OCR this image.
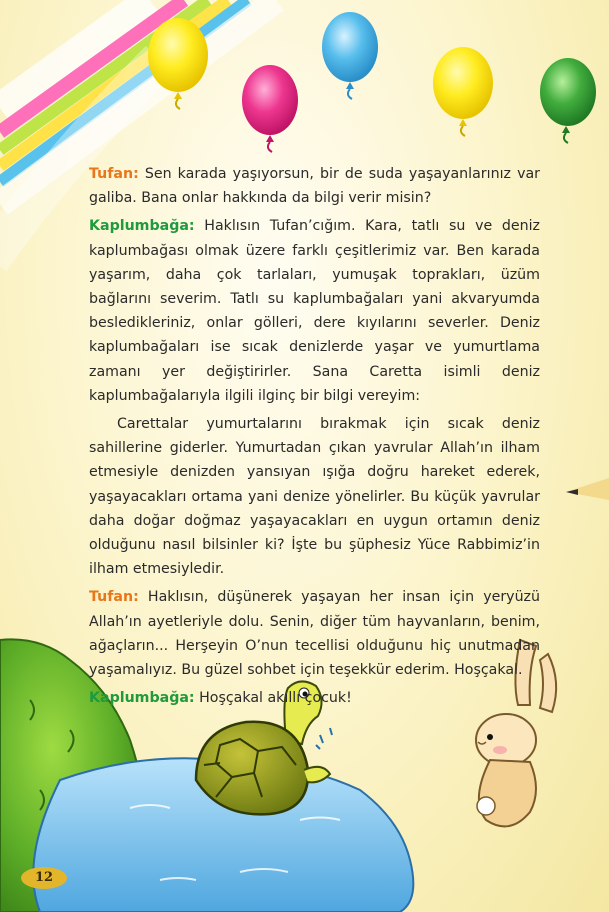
Tufan: Sen karada yaşıyorsun, bir de suda yaşayanlarınız var galiba. Bana onlar hakkında da bilgi verir misin?

Kaplumbağa: Haklısın Tufan’cığım. Kara, tatlı su ve deniz kaplumbağası olmak üzere farklı çeşitlerimiz var. Ben karada yaşarım, daha çok tarlaları, yumuşak toprakları, üzüm bağlarını severim. Tatlı su kaplumbağaları yani akvaryumda besledikleriniz, onlar gölleri, dere kıyılarını severler. Deniz kaplumbağaları ise sıcak denizlerde yaşar ve yumurtlama zamanı yer değiştirirler. Sana Caretta isimli deniz kaplumbağalarıyla ilgili ilginç bir bilgi vereyim:

Carettalar yumurtalarını bırakmak için sıcak deniz sahillerine giderler. Yumurtadan çıkan yavrular Allah’ın ilham etmesiyle denizden yansıyan ışığa doğru hareket ederek, yaşayacakları ortama yani denize yönelirler. Bu küçük yavrular daha doğar doğmaz yaşayacakları en uygun ortamın deniz olduğunu nasıl bilsinler ki? İşte bu şüphesiz Yüce Rabbimiz’in ilham etmesiyledir.

Tufan: Haklısın, düşünerek yaşayan her insan için yeryüzü Allah’ın ayetleriyle dolu. Senin, diğer tüm hayvanların, benim, ağaçların... Herşeyin O’nun tecellisi olduğunu hiç unutmadan yaşamalıyız. Bu güzel sohbet için teşekkür ederim. Hoşçakal.

Kaplumbağa: Hoşçakal akıllı çocuk!

12
